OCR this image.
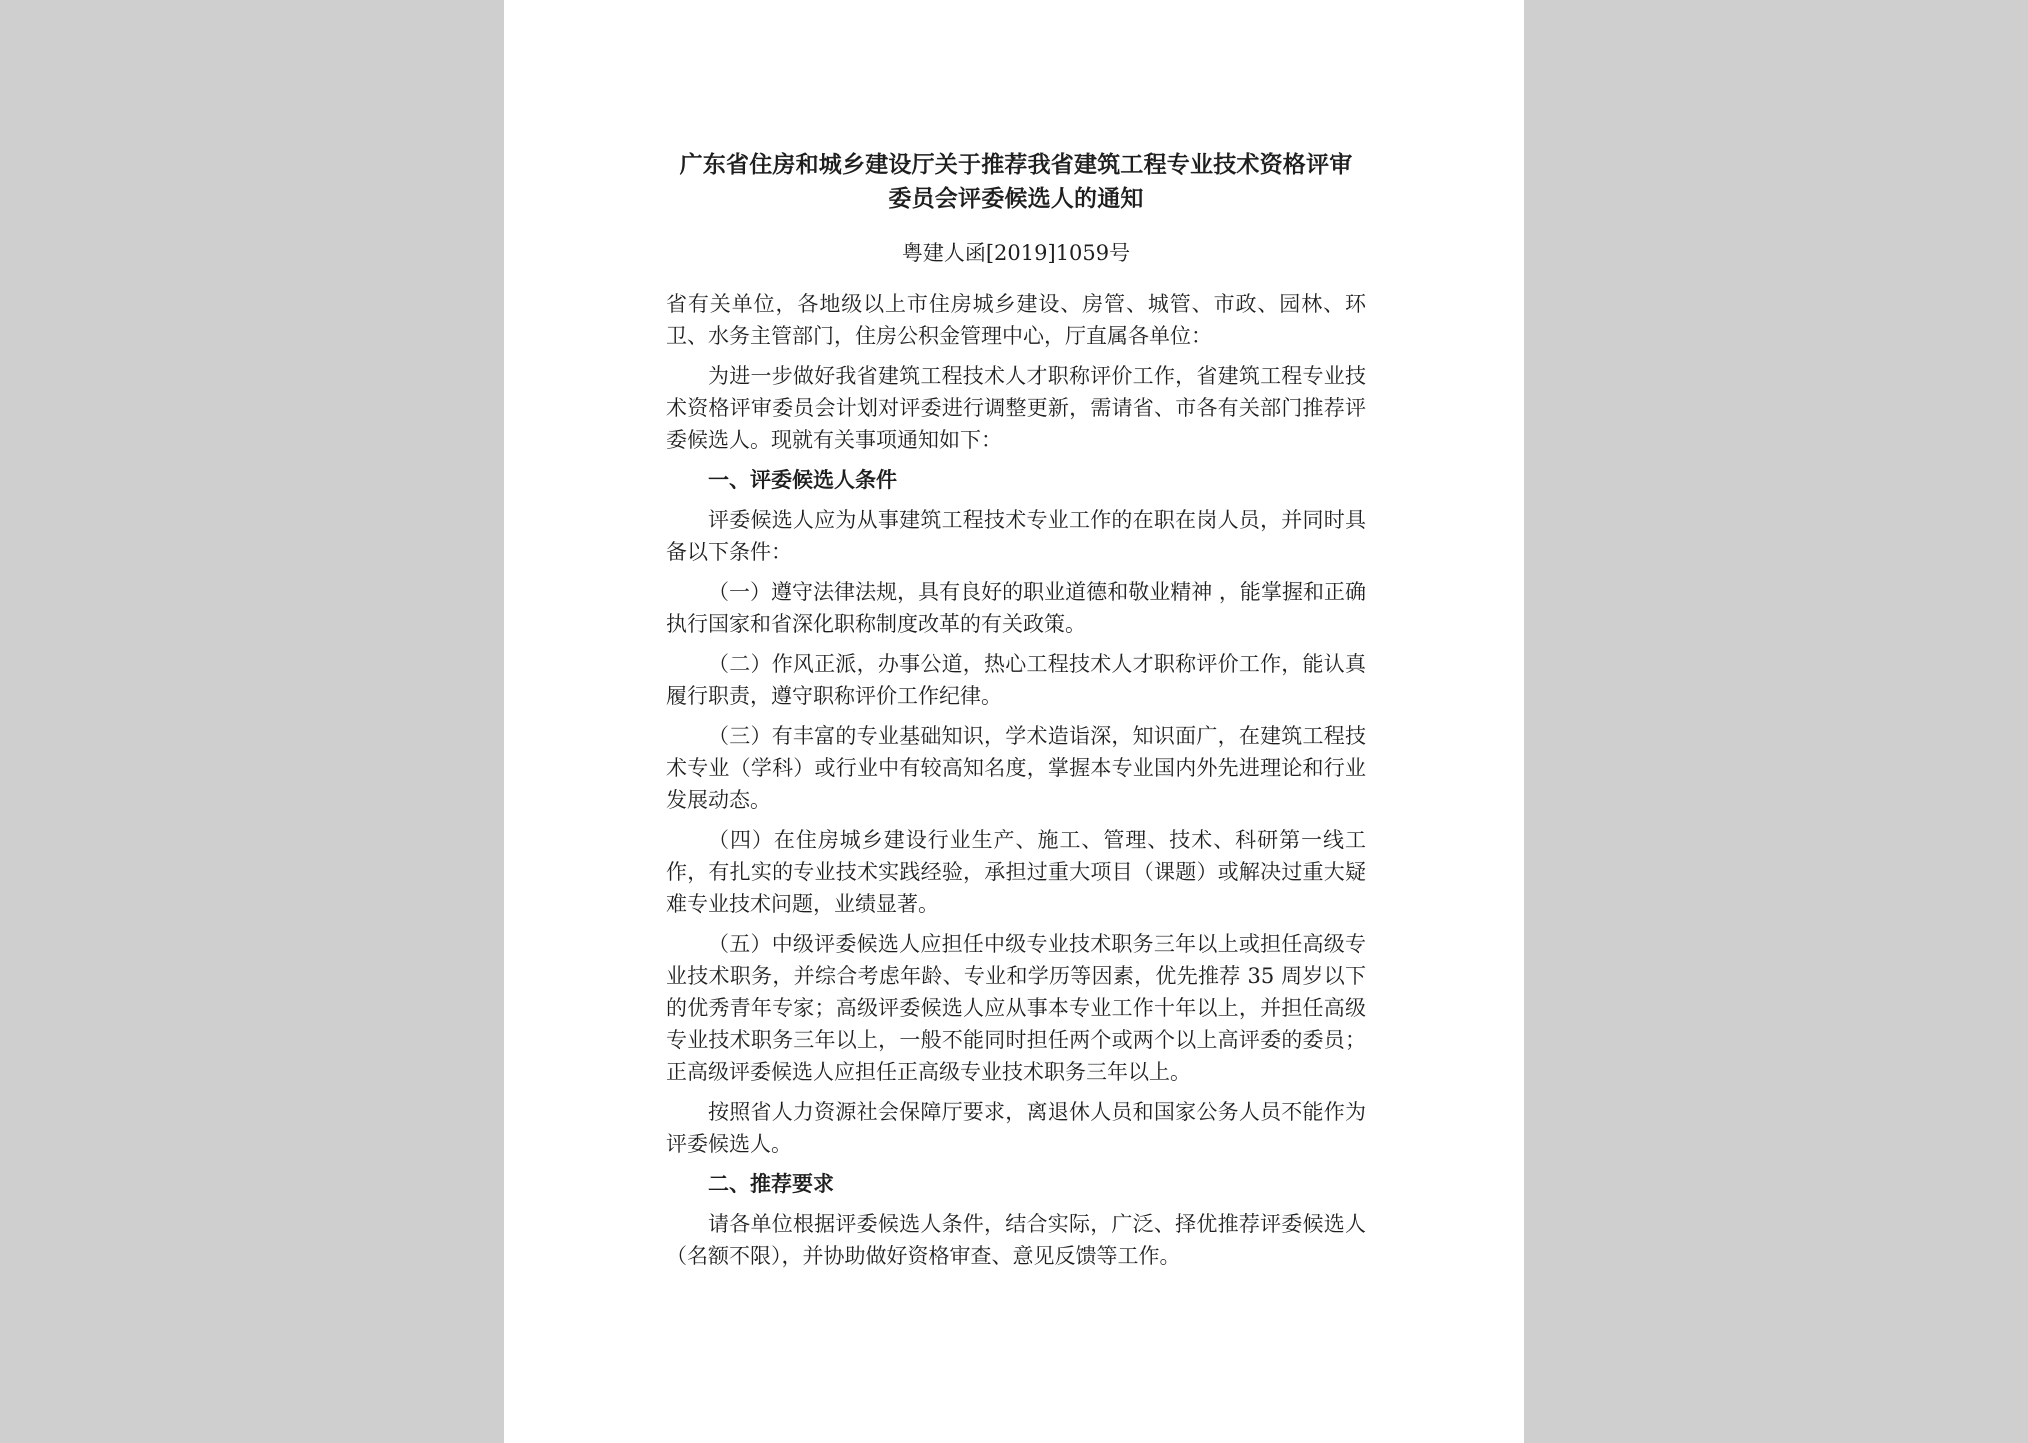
广东省住房和城乡建设厅关于推荐我省建筑工程专业技术资格评审
委员会评委候选人的通知
粤建人函[2019]1059号

省有关单位，各地级以上市住房城乡建设、房管、城管、市政、园林、环卫、水务主管部门，住房公积金管理中心，厅直属各单位：

为进一步做好我省建筑工程技术人才职称评价工作，省建筑工程专业技术资格评审委员会计划对评委进行调整更新，需请省、市各有关部门推荐评委候选人。现就有关事项通知如下：

一、评委候选人条件

评委候选人应为从事建筑工程技术专业工作的在职在岗人员，并同时具备以下条件：

（一）遵守法律法规，具有良好的职业道德和敬业精神 ，能掌握和正确执行国家和省深化职称制度改革的有关政策。

（二）作风正派，办事公道，热心工程技术人才职称评价工作，能认真履行职责，遵守职称评价工作纪律。

（三）有丰富的专业基础知识，学术造诣深，知识面广，在建筑工程技术专业（学科）或行业中有较高知名度，掌握本专业国内外先进理论和行业发展动态。

（四）在住房城乡建设行业生产、施工、管理、技术、科研第一线工作，有扎实的专业技术实践经验，承担过重大项目（课题）或解决过重大疑难专业技术问题，业绩显著。

（五）中级评委候选人应担任中级专业技术职务三年以上或担任高级专业技术职务，并综合考虑年龄、专业和学历等因素，优先推荐 35 周岁以下的优秀青年专家；高级评委候选人应从事本专业工作十年以上，并担任高级专业技术职务三年以上，一般不能同时担任两个或两个以上高评委的委员；正高级评委候选人应担任正高级专业技术职务三年以上。

按照省人力资源社会保障厅要求，离退休人员和国家公务人员不能作为评委候选人。

二、推荐要求

请各单位根据评委候选人条件，结合实际，广泛、择优推荐评委候选人（名额不限），并协助做好资格审查、意见反馈等工作。
